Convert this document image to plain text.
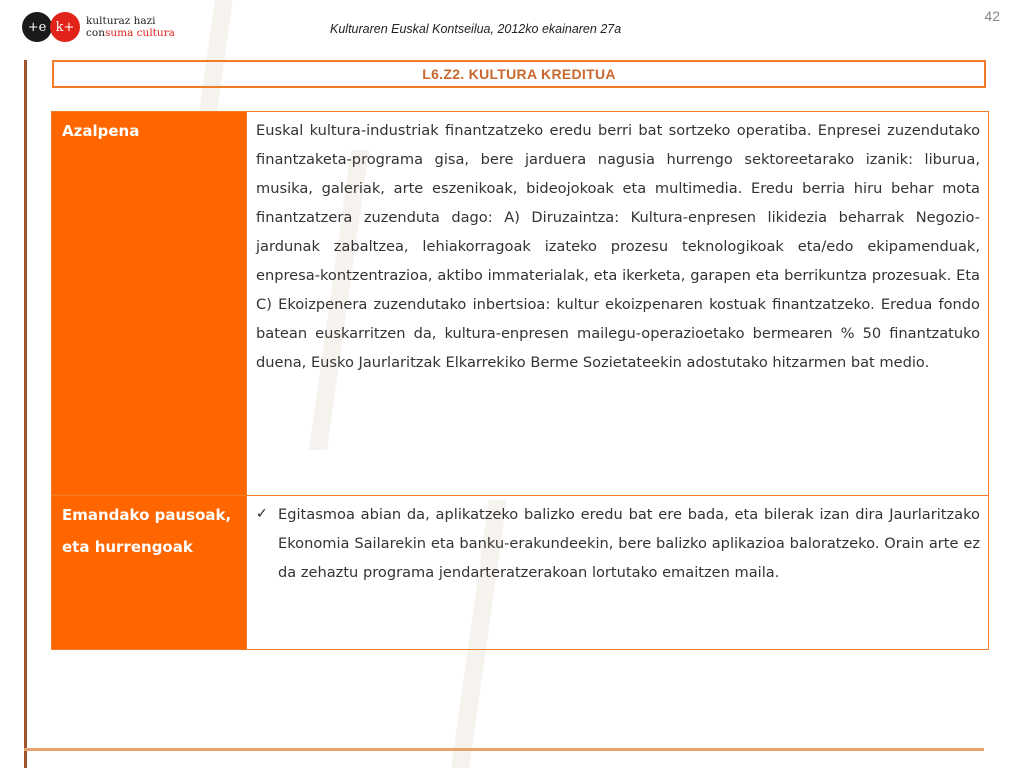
+e k+	kulturaz hazi
consuma cultura	Kulturaren Euskal Kontseilua, 2012ko ekainaren 27a
42
L6.Z2. KULTURA KREDITUA
Azalpena	Euskal kultura-industriak finantzatzeko eredu berri bat sortzeko operatiba. Enpresei zuzendutako finantzaketa-programa gisa, bere jarduera nagusia hurrengo sektoreetarako izanik: liburua, musika, galeriak, arte eszenikoak, bideojokoak eta multimedia. Eredu berria hiru behar mota finantzatzera zuzenduta dago: A) Diruzaintza: Kultura-enpresen likidezia beharrak Negozio-jardunak zabaltzea, lehiakorragoak izateko prozesu teknologikoak eta/edo ekipamenduak, enpresa-kontzentrazioa, aktibo immaterialak, eta ikerketa, garapen eta berrikuntza prozesuak. Eta C) Ekoizpenera zuzendutako inbertsioa: kultur ekoizpenaren kostuak finantzatzeko. Eredua fondo batean euskarritzen da, kultura-enpresen mailegu-operazioetako bermearen % 50 finantzatuko duena, Eusko Jaurlaritzak Elkarrekiko Berme Sozietateekin adostutako hitzarmen bat medio.
Emandako pausoak, eta hurrengoak	✓ Egitasmoa abian da, aplikatzeko balizko eredu bat ere bada, eta bilerak izan dira Jaurlaritzako Ekonomia Sailarekin eta banku-erakundeekin, bere balizko aplikazioa baloratzeko. Orain arte ez da zehaztu programa jendarteratzerakoan lortutako emaitzen maila.
